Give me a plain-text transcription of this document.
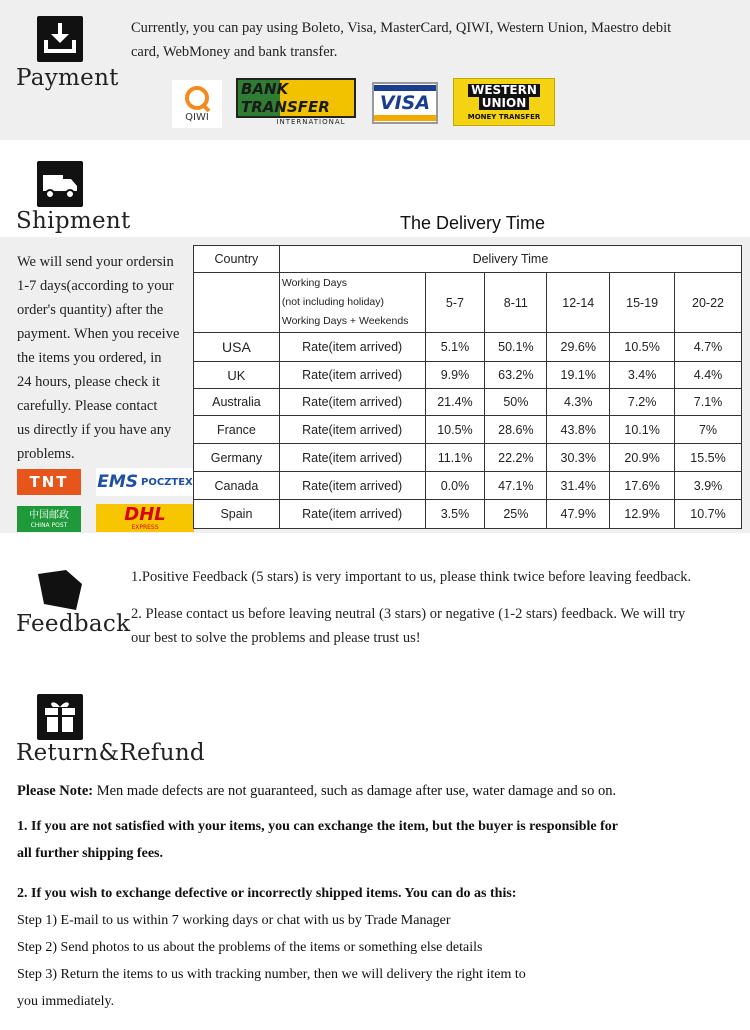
Payment
Currently, you can pay using Boleto, Visa, MasterCard, QIWI, Western Union, Maestro debit
card, WebMoney and bank transfer.
QIWI
BANK TRANSFER
INTERNATIONAL
VISA
WESTERN
UNION
MONEY TRANSFER
Shipment	The Delivery Time
We will send your ordersin
1-7 days(according to your
order's quantity) after the
payment. When you receive
the items you ordered, in
24 hours, please check it
carefully. Please contact
us directly if you have any
problems.
TNT EMS POCZTEX
中国邮政
CHINA POST
DHL
EXPRESS
Country	Delivery Time					

	Working Days
(not including holiday)
Working Days + Weekends	5-7	8-11	12-14	15-19	20-22
USA	Rate(item arrived)	5.1%	50.1%	29.6%	10.5%	4.7%
UK	Rate(item arrived)	9.9%	63.2%	19.1%	3.4%	4.4%
Australia	Rate(item arrived)	21.4%	50%	4.3%	7.2%	7.1%
France	Rate(item arrived)	10.5%	28.6%	43.8%	10.1%	7%
Germany	Rate(item arrived)	11.1%	22.2%	30.3%	20.9%	15.5%
Canada	Rate(item arrived)	0.0%	47.1%	31.4%	17.6%	3.9%
Spain	Rate(item arrived)	3.5%	25%	47.9%	12.9%	10.7%
Feedback
1.Positive Feedback (5 stars) is very important to us, please think twice before leaving feedback.
2. Please contact us before leaving neutral (3 stars) or negative (1-2 stars) feedback. We will try
our best to solve the problems and please trust us!
Return&Refund
Please Note: Men made defects are not guaranteed, such as damage after use, water damage and so on.
1. If you are not satisfied with your items, you can exchange the item, but the buyer is responsible for
all further shipping fees.
2. If you wish to exchange defective or incorrectly shipped items. You can do as this:
Step 1) E-mail to us within 7 working days or chat with us by Trade Manager
Step 2) Send photos to us about the problems of the items or something else details
Step 3) Return the items to us with tracking number, then we will delivery the right item to
you immediately.
